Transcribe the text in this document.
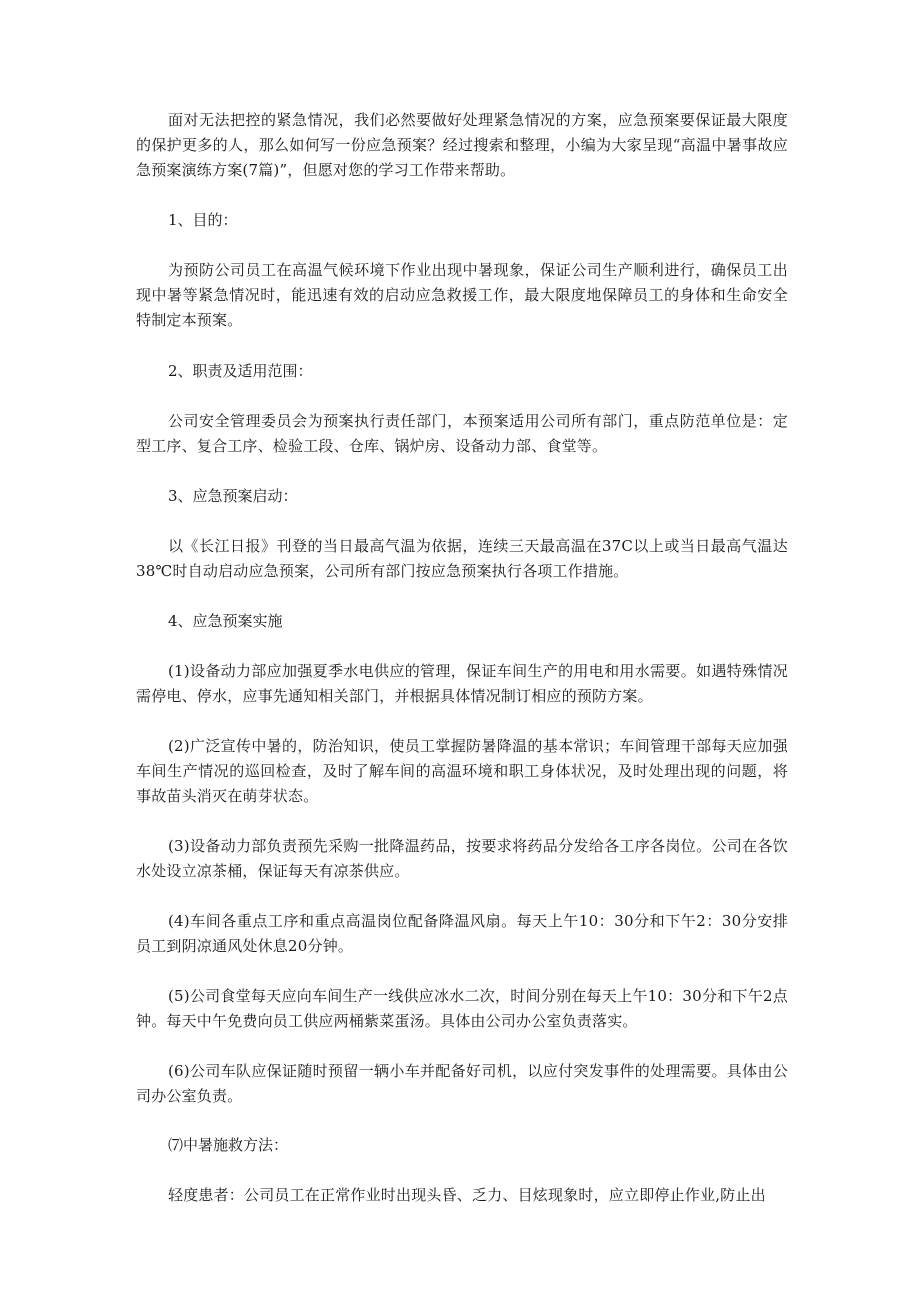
面对无法把控的紧急情况，我们必然要做好处理紧急情况的方案，应急预案要保证最大限度的保护更多的人，那么如何写一份应急预案？经过搜索和整理，小编为大家呈现“高温中暑事故应急预案演练方案(7篇)”，但愿对您的学习工作带来帮助。

1、目的：

为预防公司员工在高温气候环境下作业出现中暑现象，保证公司生产顺利进行，确保员工出现中暑等紧急情况时，能迅速有效的启动应急救援工作，最大限度地保障员工的身体和生命安全特制定本预案。

2、职责及适用范围：

公司安全管理委员会为预案执行责任部门，本预案适用公司所有部门，重点防范单位是：定型工序、复合工序、检验工段、仓库、锅炉房、设备动力部、食堂等。

3、应急预案启动：

以《长江日报》刊登的当日最高气温为依据，连续三天最高温在37C以上或当日最高气温达38℃时自动启动应急预案，公司所有部门按应急预案执行各项工作措施。

4、应急预案实施

(1)设备动力部应加强夏季水电供应的管理，保证车间生产的用电和用水需要。如遇特殊情况需停电、停水，应事先通知相关部门，并根据具体情况制订相应的预防方案。

(2)广泛宣传中暑的，防治知识，使员工掌握防暑降温的基本常识；车间管理干部每天应加强车间生产情况的巡回检查，及时了解车间的高温环境和职工身体状况，及时处理出现的问题，将事故苗头消灭在萌芽状态。

(3)设备动力部负责预先采购一批降温药品，按要求将药品分发给各工序各岗位。公司在各饮水处设立凉茶桶，保证每天有凉茶供应。

(4)车间各重点工序和重点高温岗位配备降温风扇。每天上午10：30分和下午2：30分安排员工到阴凉通风处休息20分钟。

(5)公司食堂每天应向车间生产一线供应冰水二次，时间分别在每天上午10：30分和下午2点钟。每天中午免费向员工供应两桶紫菜蛋汤。具体由公司办公室负责落实。

(6)公司车队应保证随时预留一辆小车并配备好司机，以应付突发事件的处理需要。具体由公司办公室负责。

⑺中暑施救方法：

轻度患者：公司员工在正常作业时出现头昏、乏力、目炫现象时，应立即停止作业,防止出
